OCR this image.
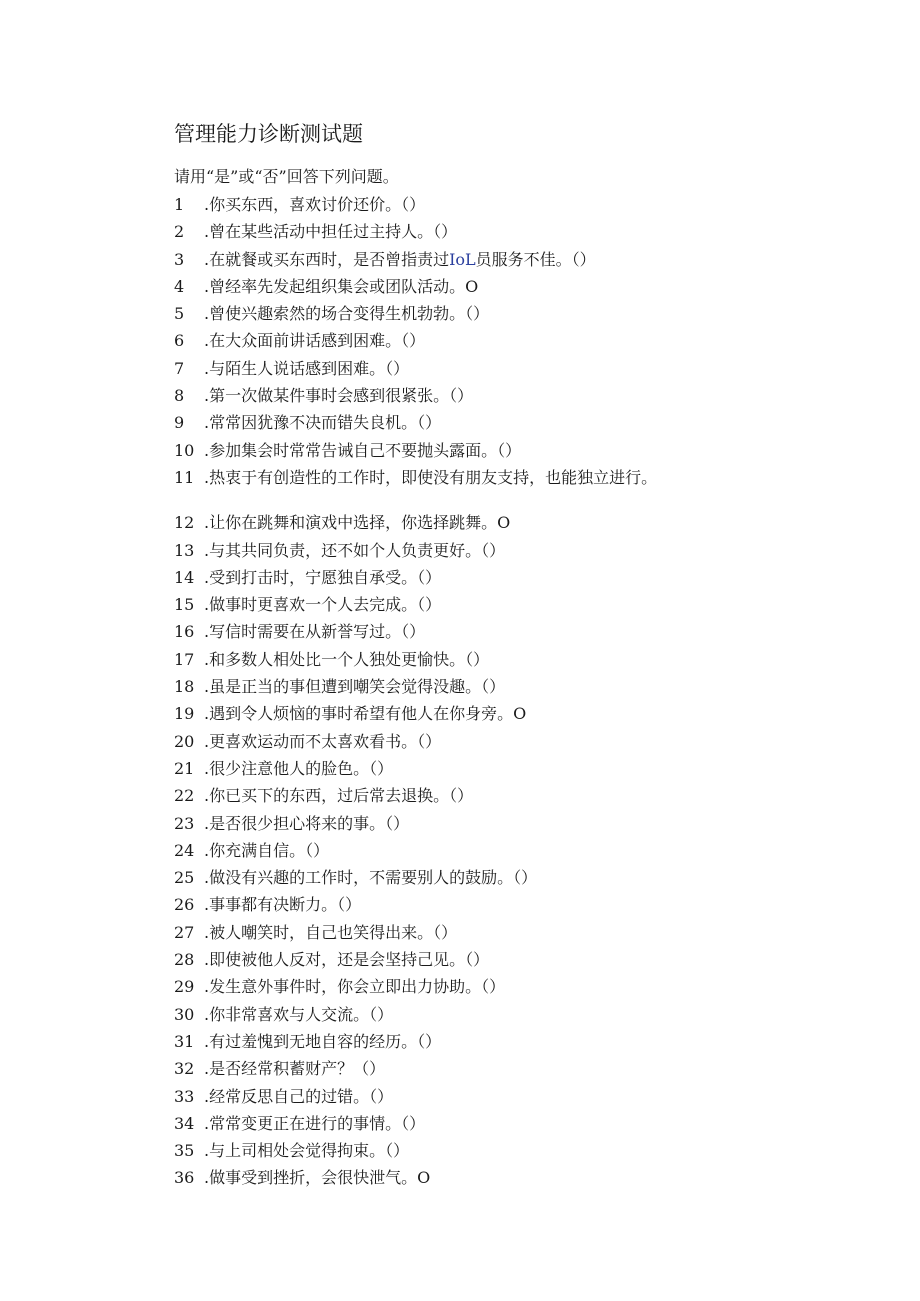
管理能力诊断测试题
请用“是”或“否”回答下列问题。
1	.你买东西，喜欢讨价还价。（）
2	.曾在某些活动中担任过主持人。（）
3	.在就餐或买东西时，是否曾指责过IoL员服务不佳。（）
4	.曾经率先发起组织集会或团队活动。O
5	.曾使兴趣索然的场合变得生机勃勃。（）
6	.在大众面前讲话感到困难。（）
7	.与陌生人说话感到困难。（）
8	.第一次做某件事时会感到很紧张。（）
9	.常常因犹豫不决而错失良机。（）
10 .参加集会时常常告诫自己不要抛头露面。（）
11 .热衷于有创造性的工作时，即使没有朋友支持，也能独立进行。
12 .让你在跳舞和演戏中选择，你选择跳舞。O
13 .与其共同负责，还不如个人负责更好。（）
14 .受到打击时，宁愿独自承受。（）
15 .做事时更喜欢一个人去完成。（）
16 .写信时需要在从新誉写过。（）
17 .和多数人相处比一个人独处更愉快。（）
18 .虽是正当的事但遭到嘲笑会觉得没趣。（）
19 .遇到令人烦恼的事时希望有他人在你身旁。O
20 .更喜欢运动而不太喜欢看书。（）
21 .很少注意他人的脸色。（）
22 .你已买下的东西，过后常去退换。（）
23 .是否很少担心将来的事。（）
24 .你充满自信。（）
25 .做没有兴趣的工作时，不需要别人的鼓励。（）
26 .事事都有决断力。（）
27 .被人嘲笑时，自己也笑得出来。（）
28 .即使被他人反对，还是会坚持己见。（）
29 .发生意外事件时，你会立即出力协助。（）
30 .你非常喜欢与人交流。（）
31 .有过羞愧到无地自容的经历。（）
32 .是否经常积蓄财产？（）
33 .经常反思自己的过错。（）
34 .常常变更正在进行的事情。（）
35 .与上司相处会觉得拘束。（）
36 .做事受到挫折，会很快泄气。O
